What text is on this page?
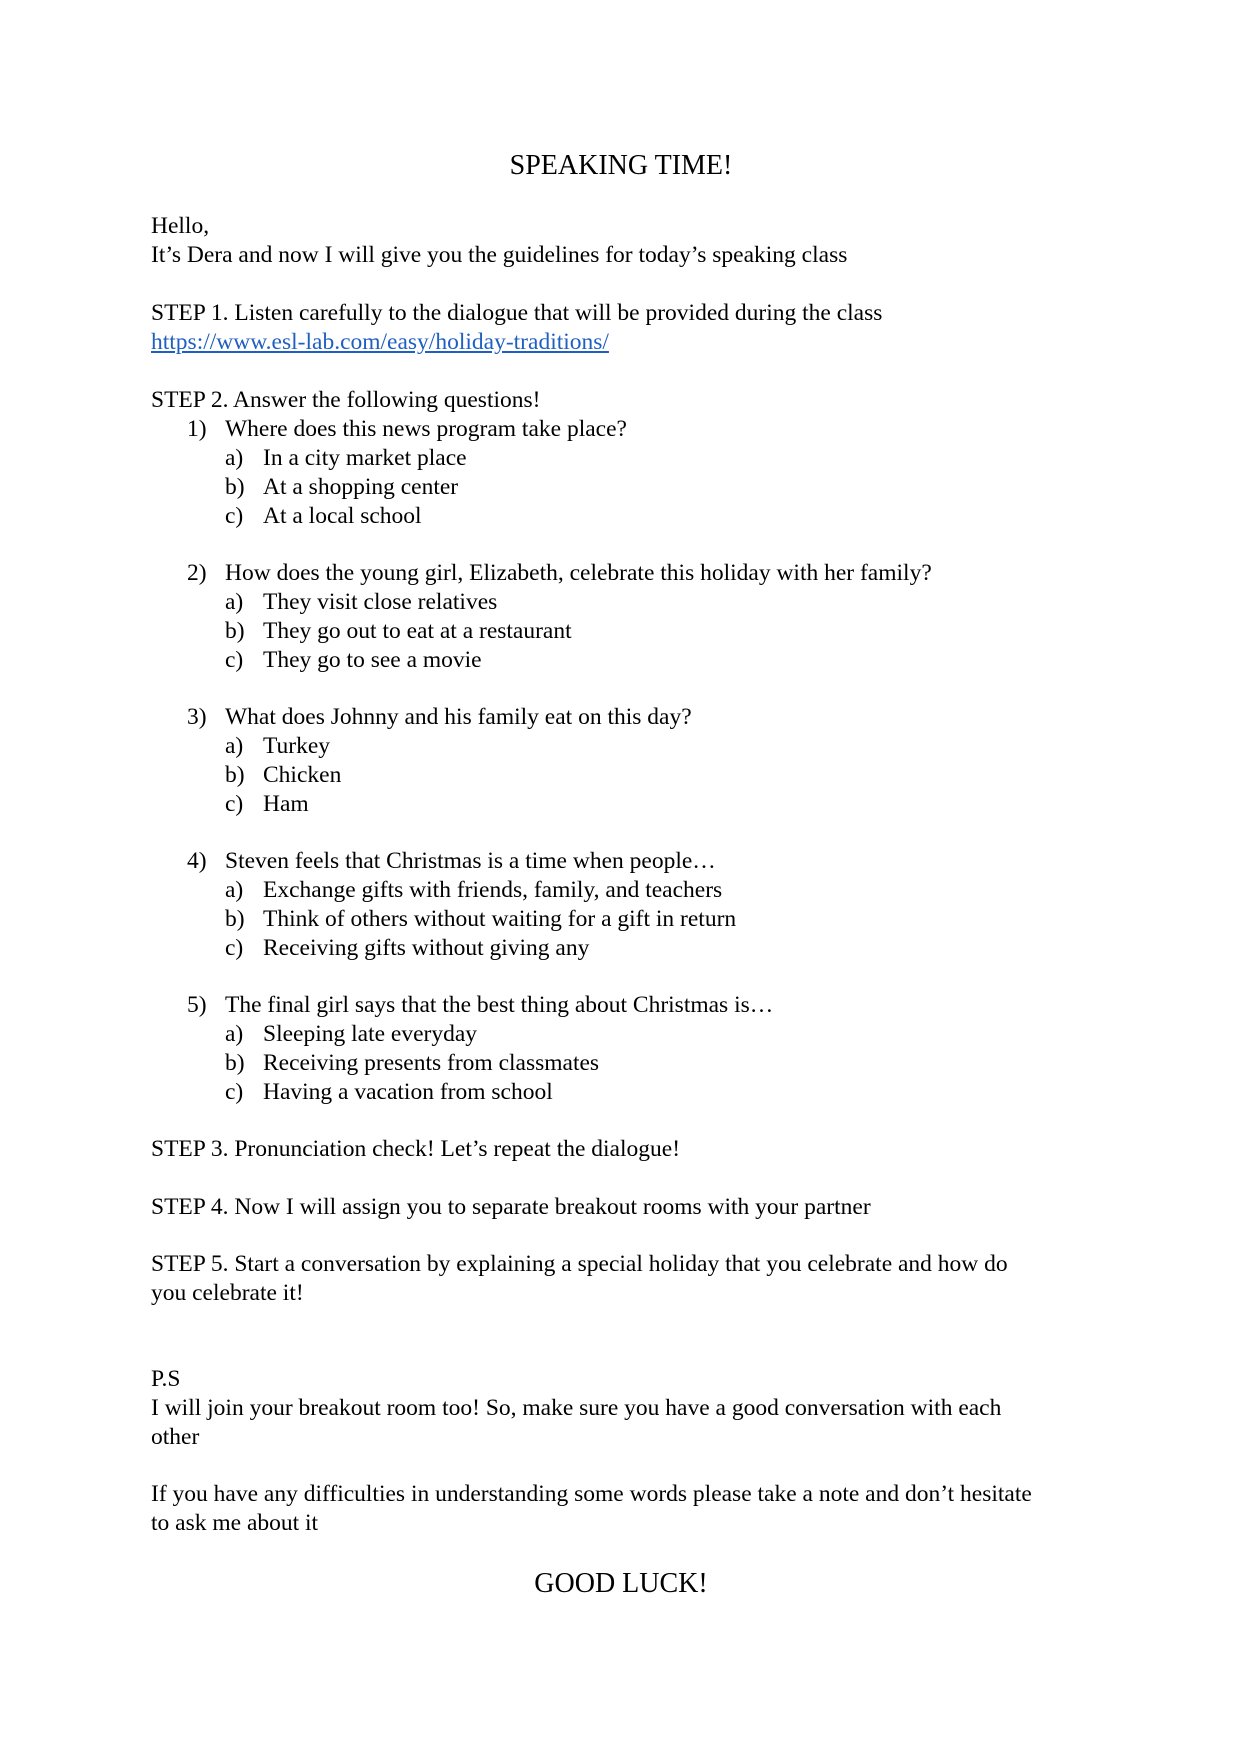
SPEAKING TIME!

Hello,

It’s Dera and now I will give you the guidelines for today’s speaking class

STEP 1. Listen carefully to the dialogue that will be provided during the class

https://www.esl-lab.com/easy/holiday-traditions/

STEP 2. Answer the following questions!

1) Where does this news program take place?
a) In a city market place
b) At a shopping center
c) At a local school
2) How does the young girl, Elizabeth, celebrate this holiday with her family?
a) They visit close relatives
b) They go out to eat at a restaurant
c) They go to see a movie
3) What does Johnny and his family eat on this day?
a) Turkey
b) Chicken
c) Ham
4) Steven feels that Christmas is a time when people…
a) Exchange gifts with friends, family, and teachers
b) Think of others without waiting for a gift in return
c) Receiving gifts without giving any
5) The final girl says that the best thing about Christmas is…
a) Sleeping late everyday
b) Receiving presents from classmates
c) Having a vacation from school

STEP 3. Pronunciation check! Let’s repeat the dialogue!

STEP 4. Now I will assign you to separate breakout rooms with your partner

STEP 5. Start a conversation by explaining a special holiday that you celebrate and how do

you celebrate it!

P.S

I will join your breakout room too! So, make sure you have a good conversation with each

other

If you have any difficulties in understanding some words please take a note and don’t hesitate

to ask me about it

GOOD LUCK!
